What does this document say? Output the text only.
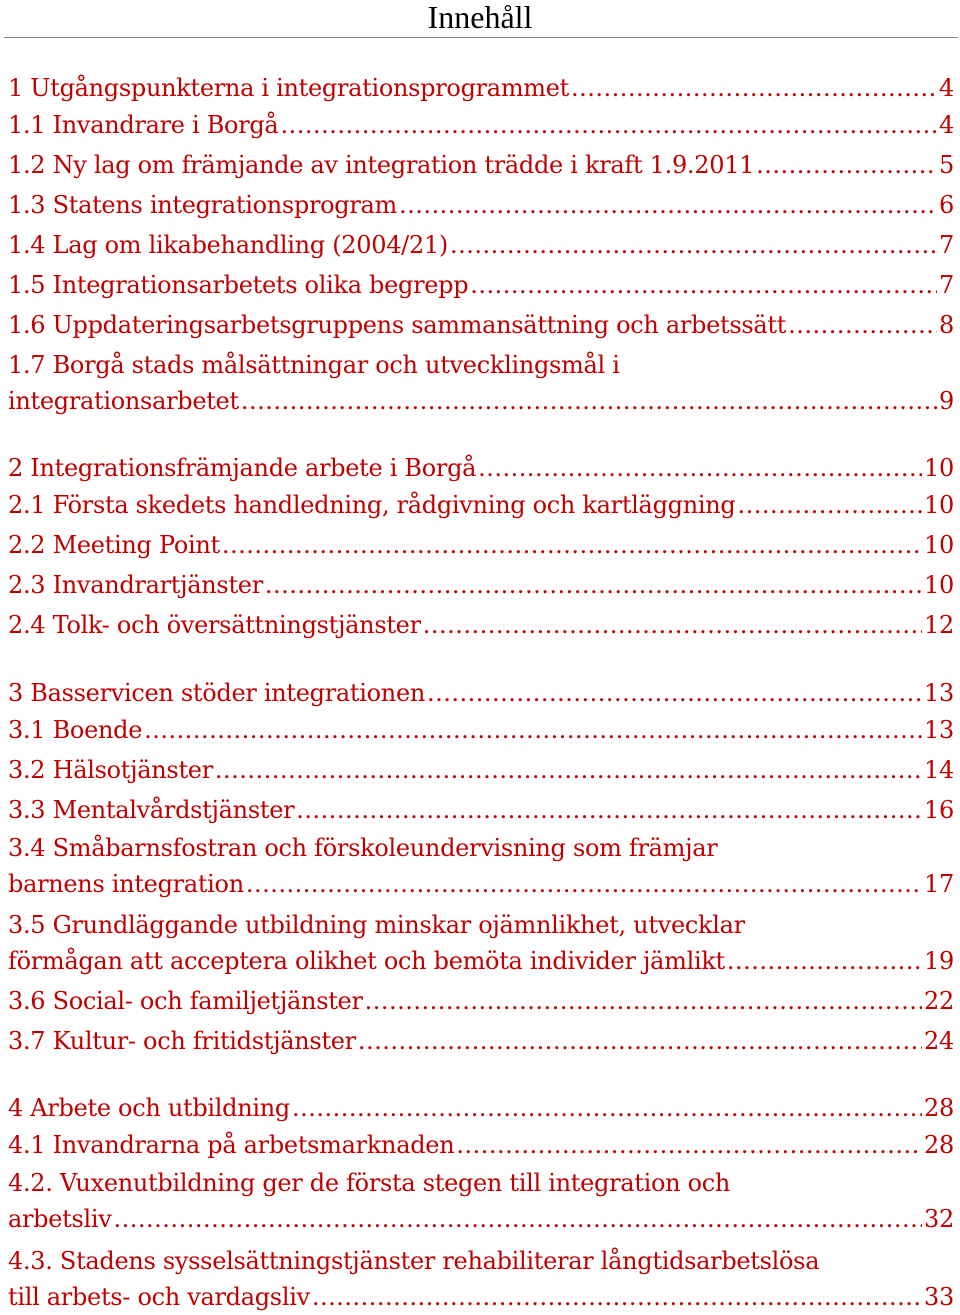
Innehåll
1 Utgångspunkterna i integrationsprogrammet .....	4
1.1 Invandrare i Borgå .....	4
1.2 Ny lag om främjande av integration trädde i kraft 1.9.2011 .....	5
1.3 Statens integrationsprogram .....	6
1.4 Lag om likabehandling (2004/21) .....	7
1.5 Integrationsarbetets olika begrepp .....	7
1.6 Uppdateringsarbetsgruppens sammansättning och arbetssätt .....	8
1.7 Borgå stads målsättningar och utvecklingsmål i
integrationsarbetet .....	9
2 Integrationsfrämjande arbete i Borgå .....	10
2.1 Första skedets handledning, rådgivning och kartläggning .....	10
2.2 Meeting Point .....	10
2.3 Invandrartjänster .....	10
2.4 Tolk- och översättningstjänster .....	12
3 Basservicen stöder integrationen .....	13
3.1 Boende .....	13
3.2 Hälsotjänster .....	14
3.3 Mentalvårdstjänster .....	16
3.4 Småbarnsfostran och förskoleundervisning som främjar
barnens integration .....	17
3.5 Grundläggande utbildning minskar ojämnlikhet, utvecklar
förmågan att acceptera olikhet och bemöta individer jämlikt .....	19
3.6 Social- och familjetjänster .....	22
3.7 Kultur- och fritidstjänster .....	24
4 Arbete och utbildning .....	28
4.1 Invandrarna på arbetsmarknaden .....	28
4.2. Vuxenutbildning ger de första stegen till integration och
arbetsliv .....	32
4.3. Stadens sysselsättningstjänster rehabiliterar långtidsarbetslösa
till arbets- och vardagsliv .....	33
